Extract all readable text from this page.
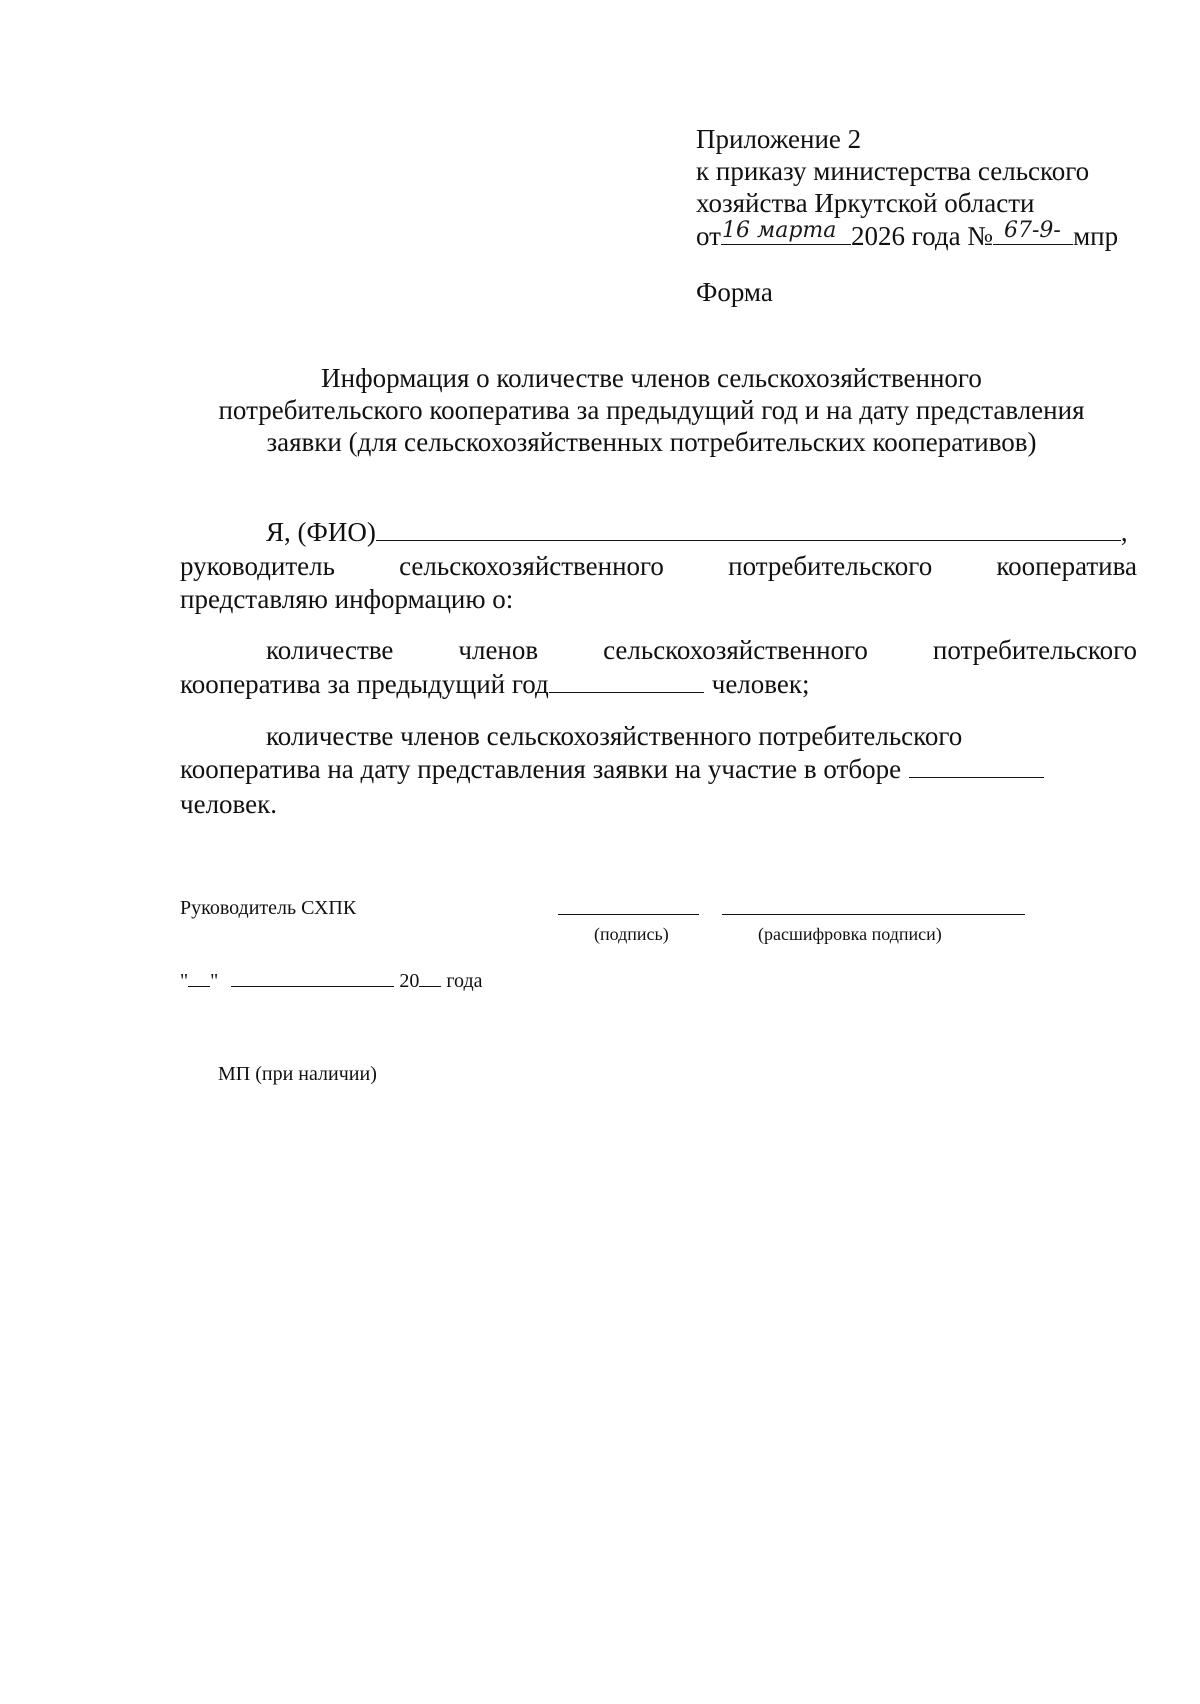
Приложение 2
к приказу министерства сельского
хозяйства Иркутской области
от	2026 года №	мпр
16 марта	67-9-
Форма
Информация о количестве членов сельскохозяйственного
потребительского кооператива за предыдущий год и на дату представления
заявки (для сельскохозяйственных потребительских кооперативов)
Я, (ФИО)	,
руководитель сельскохозяйственного потребительского кооператива
представляю информацию о:
количестве членов сельскохозяйственного потребительского
кооператива за предыдущий год	человек;
количестве членов сельскохозяйственного потребительского
кооператива на дату представления заявки на участие в отборе
человек.
Руководитель СХПК
(подпись)	(расшифровка подписи)
" "	20 года
МП (при наличии)
